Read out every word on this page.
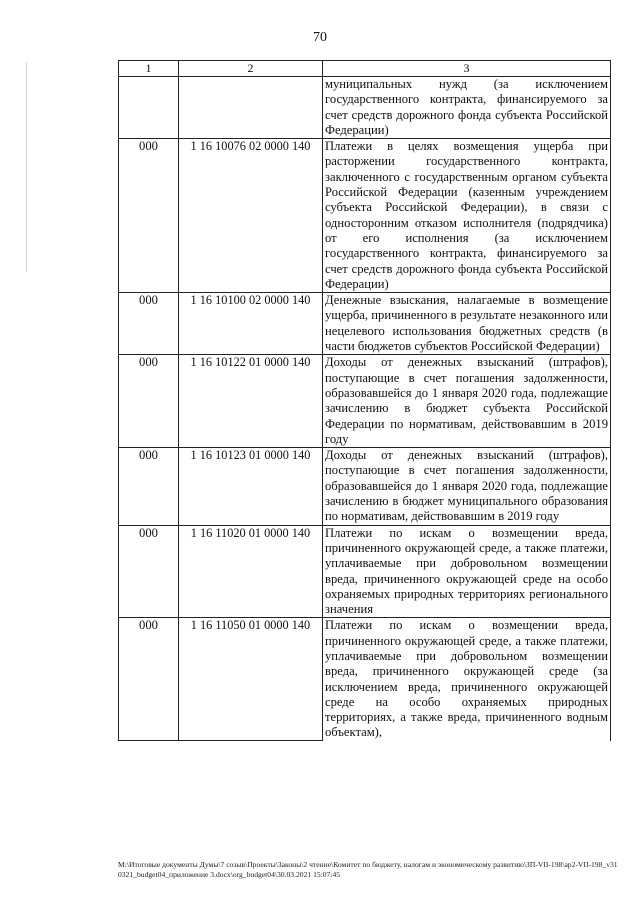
70
1	2	3
		муниципальных нужд (за исключением государственного контракта, финансируемого за счет средств дорожного фонда субъекта Российской Федерации)
000	1 16 10076 02 0000 140	Платежи в целях возмещения ущерба при расторжении государственного контракта, заключенного с государственным органом субъекта Российской Федерации (казенным учреждением субъекта Российской Федерации), в связи с односторонним отказом исполнителя (подрядчика) от его исполнения (за исключением государственного контракта, финансируемого за счет средств дорожного фонда субъекта Российской Федерации)
000	1 16 10100 02 0000 140	Денежные взыскания, налагаемые в возмещение ущерба, причиненного в результате незаконного или нецелевого использования бюджетных средств (в части бюджетов субъектов Российской Федерации)
000	1 16 10122 01 0000 140	Доходы от денежных взысканий (штрафов), поступающие в счет погашения задолженности, образовавшейся до 1 января 2020 года, подлежащие зачислению в бюджет субъекта Российской Федерации по нормативам, действовавшим в 2019 году
000	1 16 10123 01 0000 140	Доходы от денежных взысканий (штрафов), поступающие в счет погашения задолженности, образовавшейся до 1 января 2020 года, подлежащие зачислению в бюджет муниципального образования по нормативам, действовавшим в 2019 году
000	1 16 11020 01 0000 140	Платежи по искам о возмещении вреда, причиненного окружающей среде, а также платежи, уплачиваемые при добровольном возмещении вреда, причиненного окружающей среде на особо охраняемых природных территориях регионального значения
000	1 16 11050 01 0000 140	Платежи по искам о возмещении вреда, причиненного окружающей среде, а также платежи, уплачиваемые при добровольном возмещении вреда, причиненного окружающей среде (за исключением вреда, причиненного окружающей среде на особо охраняемых природных территориях, а также вреда, причиненного водным объектам),
М:\Итоговые документы Думы\7 созыв\Проекты\Законы\2 чтение\Комитет по бюджету, налогам и экономическому развитию\ЗП-VII-198\ар2-VII-198_v310321_budget04_приложение 3.docx\org_budget04\30.03.2021 15:07:45
